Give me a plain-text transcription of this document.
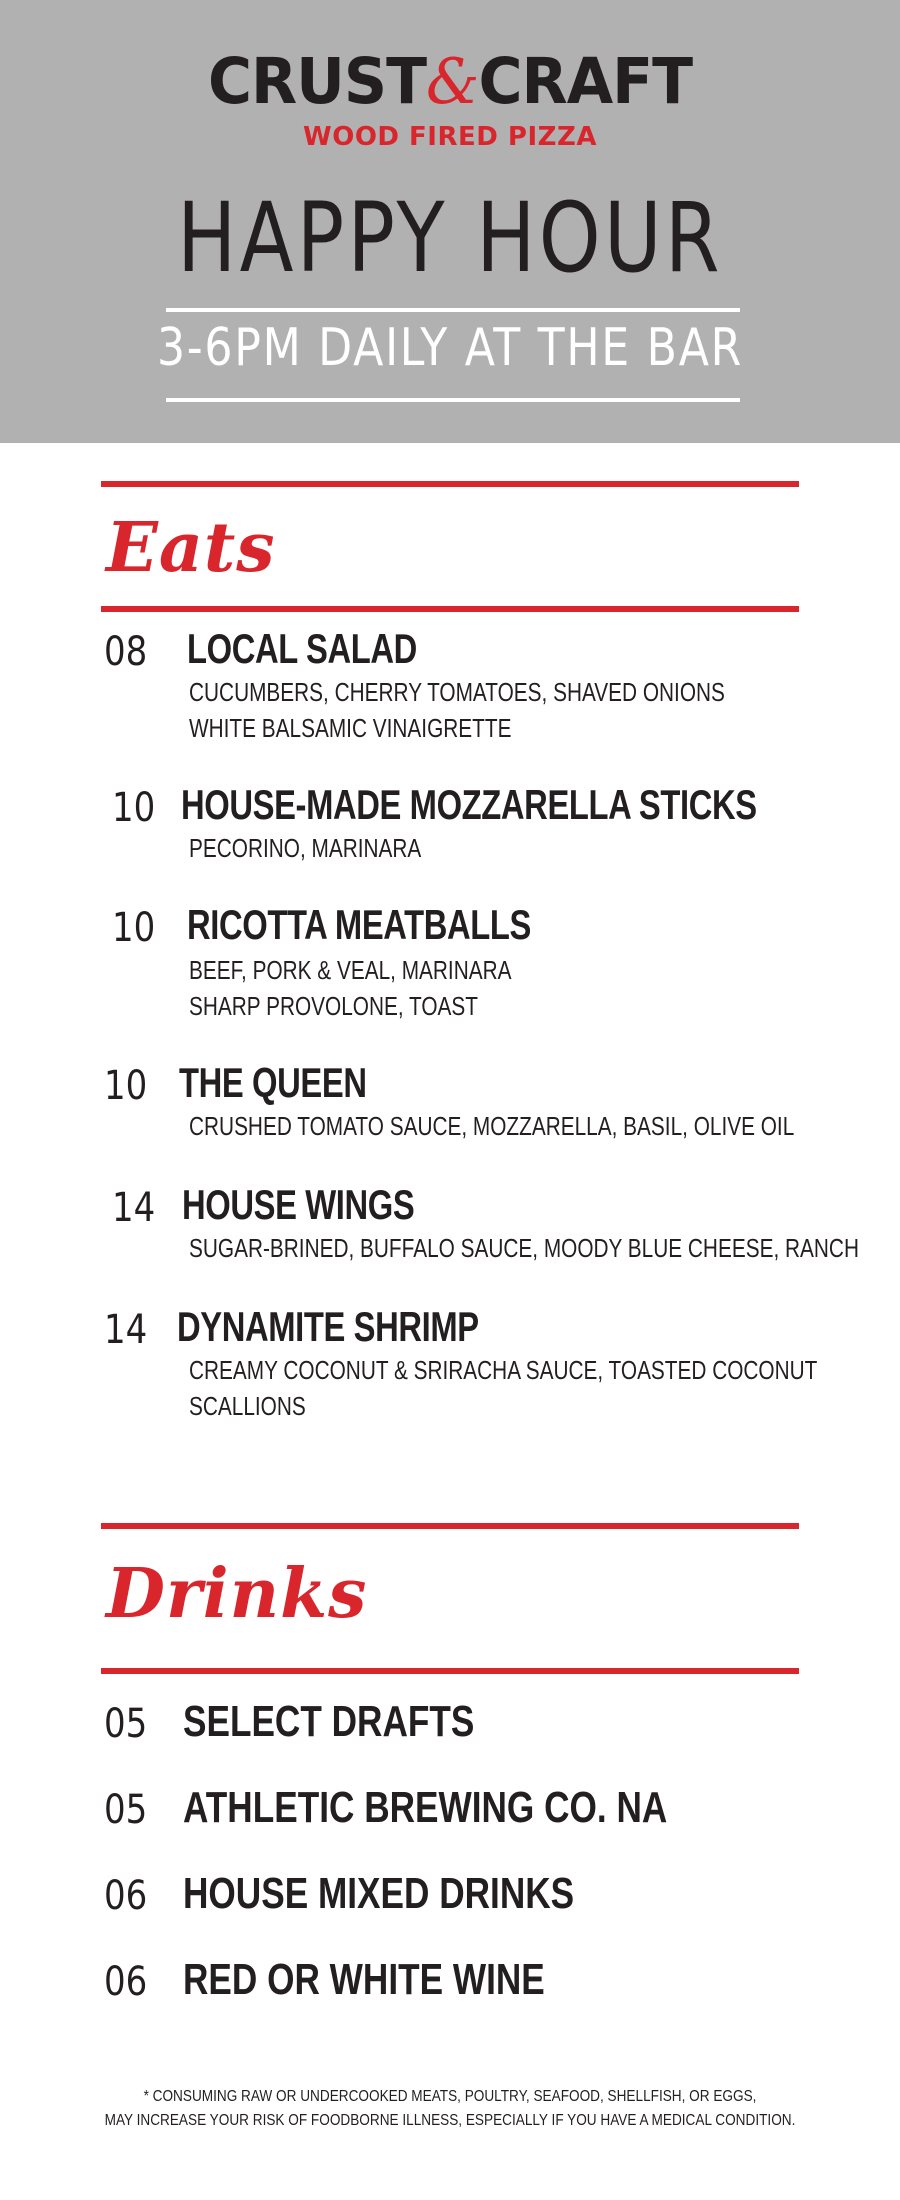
CRUST&CRAFT
WOOD FIRED PIZZA
HAPPY HOUR
3-6PM DAILY AT THE BAR
Eats
08 LOCAL SALAD
CUCUMBERS, CHERRY TOMATOES, SHAVED ONIONS
WHITE BALSAMIC VINAIGRETTE
10 HOUSE-MADE MOZZARELLA STICKS
PECORINO, MARINARA
10 RICOTTA MEATBALLS
BEEF, PORK & VEAL, MARINARA
SHARP PROVOLONE, TOAST
10 THE QUEEN
CRUSHED TOMATO SAUCE, MOZZARELLA, BASIL, OLIVE OIL
14 HOUSE WINGS
SUGAR-BRINED, BUFFALO SAUCE, MOODY BLUE CHEESE, RANCH
14 DYNAMITE SHRIMP
CREAMY COCONUT & SRIRACHA SAUCE, TOASTED COCONUT
SCALLIONS
Drinks
05 SELECT DRAFTS
05 ATHLETIC BREWING CO. NA
06 HOUSE MIXED DRINKS
06 RED OR WHITE WINE
* CONSUMING RAW OR UNDERCOOKED MEATS, POULTRY, SEAFOOD, SHELLFISH, OR EGGS,
MAY INCREASE YOUR RISK OF FOODBORNE ILLNESS, ESPECIALLY IF YOU HAVE A MEDICAL CONDITION.
